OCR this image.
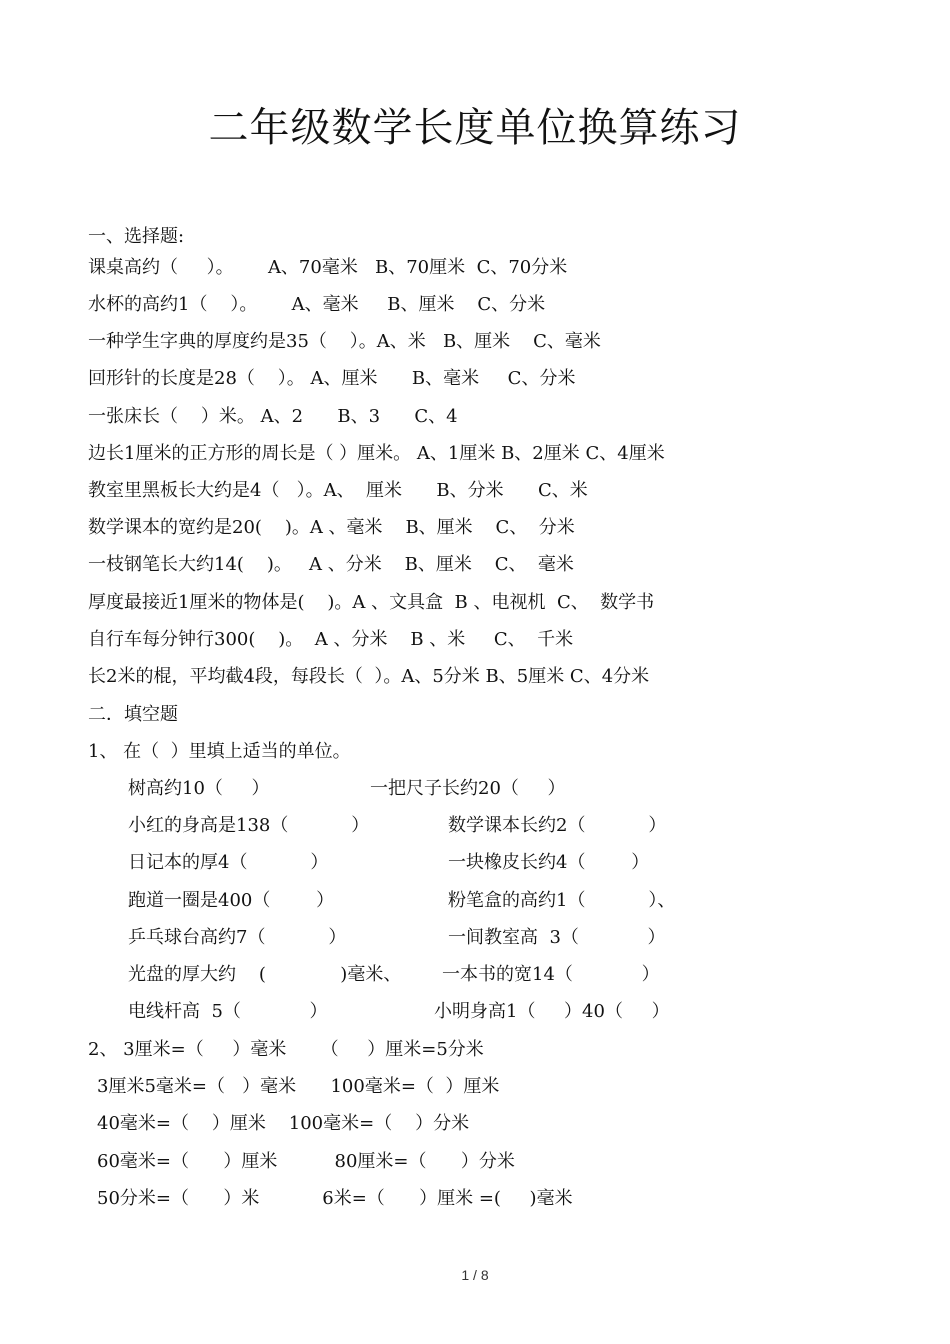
二年级数学长度单位换算练习
一、选择题:
课桌高约（     ）。      A、70毫米   B、70厘米  C、70分米
水杯的高约1（    ）。      A、毫米     B、厘米    C、分米
一种学生字典的厚度约是35（    ）。A、米   B、厘米    C、毫米
回形针的长度是28（    ）。 A、厘米      B、毫米     C、分米
一张床长（    ）米。 A、2      B、3      C、4
边长1厘米的正方形的周长是（ ）厘米。 A、1厘米 B、2厘米 C、4厘米
教室里黑板长大约是4（   ）。A、  厘米      B、分米      C、米
数学课本的宽约是20(    )。A 、毫米    B、厘米    C、  分米
一枝钢笔长大约14(    )。   A 、分米    B、厘米    C、  毫米
厚度最接近1厘米的物体是(    )。A 、文具盒  B 、电视机  C、  数学书
自行车每分钟行300(    )。  A 、分米    B 、米     C、  千米
长2米的棍，平均截4段，每段长（  ）。A、5分米 B、5厘米 C、4分米
二．填空题
1、 在（  ）里填上适当的单位。
树高约10（     ）	一把尺子长约20（     ）
小红的身高是138（           ）	数学课本长约2（           ）
日记本的厚4（           ）	一块橡皮长约4（        ）
跑道一圈是400（        ）	粉笔盒的高约1（           ）、
乒乓球台高约7（           ）	一间教室高  3（            ）
光盘的厚大约    (             )毫米、 一本书的宽14（            ）
电线杆高  5（            ）	小明身高1（     ）40（     ）
2、 3厘米=（     ）毫米      （     ）厘米=5分米
3厘米5毫米=（   ）毫米      100毫米=（  ）厘米
40毫米=（    ）厘米    100毫米=（    ）分米
60毫米=（      ）厘米          80厘米=（      ）分米
50分米=（      ）米           6米=（      ）厘米 =(     )毫米
1 / 8
